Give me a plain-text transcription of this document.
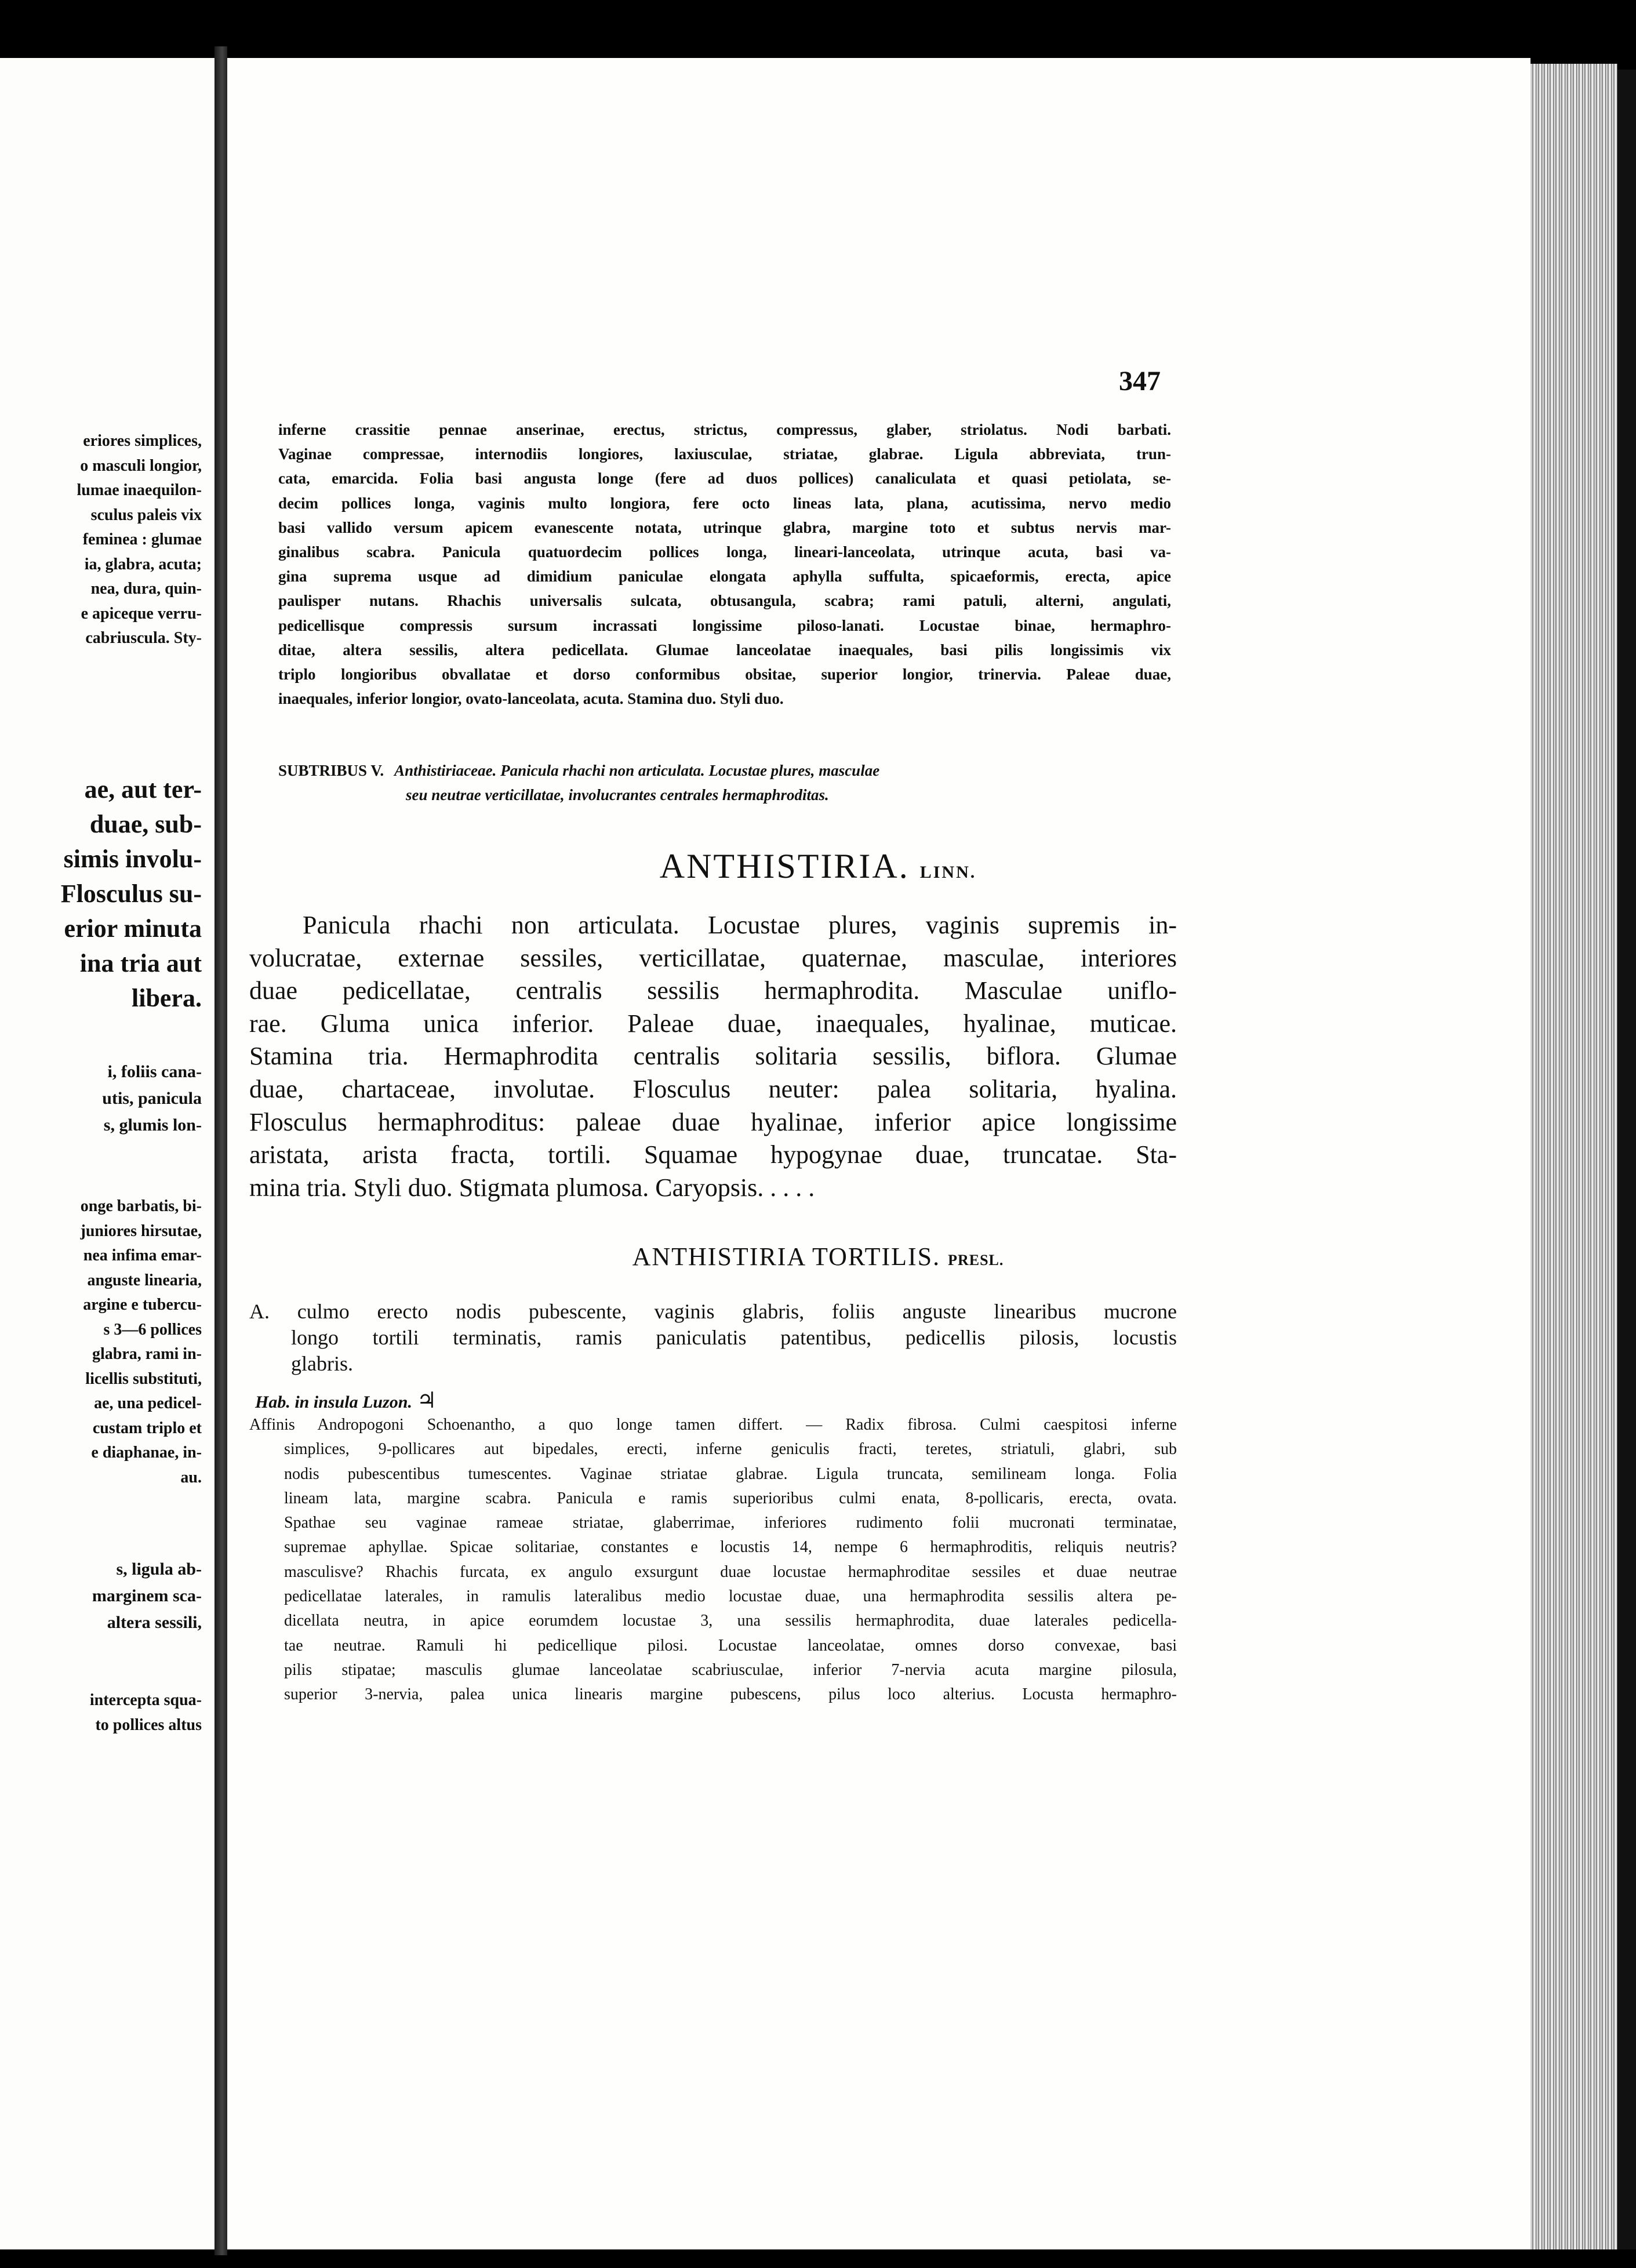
eriores simplices,
o masculi longior,
lumae inaequilon-
sculus paleis vix
femineа : glumae
ia, glabra, acuta;
nea, dura, quin-
e apiceque verru-
cabriuscula. Sty-
ae, aut ter-
duae, sub-
simis involu-
Flosculus su-
erior minuta
ina tria aut
libera.
i, foliis cana-
utis, panicula
s, glumis lon-
onge barbatis, bi-
juniores hirsutae,
nea infima emar-
anguste linearia,
argine e tubercu-
s 3—6 pollices
glabra, rami in-
licellis substituti,
ae, una pedicel-
custam triplo et
e diaphanae, in-
au.
s, ligula ab-
marginem sca-
altera sessili,
intercepta squa-
to pollices altus
347
inferne crassitie pennae anserinae, erectus, strictus, compressus, glaber, striolatus. Nodi barbati.
Vaginae compressae, internodiis longiores, laxiusculae, striatae, glabrae. Ligula abbreviata, trun-
cata, emarcida. Folia basi angusta longe (fere ad duos pollices) canaliculata et quasi petiolata, se-
decim pollices longa, vaginis multo longiora, fere octo lineas lata, plana, acutissima, nervo medio
basi vallido versum apicem evanescente notata, utrinque glabra, margine toto et subtus nervis mar-
ginalibus scabra. Panicula quatuordecim pollices longa, lineari-lanceolata, utrinque acuta, basi va-
gina suprema usque ad dimidium paniculae elongata aphylla suffulta, spicaeformis, erecta, apice
paulisper nutans. Rhachis universalis sulcata, obtusangula, scabra; rami patuli, alterni, angulati,
pedicellisque compressis sursum incrassati longissime piloso-lanati. Locustae binae, hermaphro-
ditae, altera sessilis, altera pedicellata. Glumae lanceolatae inaequales, basi pilis longissimis vix
triplo longioribus obvallatae et dorso conformibus obsitae, superior longior, trinervia. Paleae duae,
inaequales, inferior longior, ovato-lanceolata, acuta. Stamina duo. Styli duo.
SUBTRIBUS V. Anthistiriaceae. Panicula rhachi non articulata. Locustae plures, masculae
seu neutrae verticillatae, involucrantes centrales hermaphroditas.
ANTHISTIRIA. LINN.
Panicula rhachi non articulata. Locustae plures, vaginis supremis in-
volucratae, externae sessiles, verticillatae, quaternae, masculae, interiores
duae pedicellatae, centralis sessilis hermaphrodita. Masculae uniflo-
rae. Gluma unica inferior. Paleae duae, inaequales, hyalinae, muticae.
Stamina tria. Hermaphrodita centralis solitaria sessilis, biflora. Glumae
duae, chartaceae, involutae. Flosculus neuter: palea solitaria, hyalina.
Flosculus hermaphroditus: paleae duae hyalinae, inferior apice longissime
aristata, arista fracta, tortili. Squamae hypogynae duae, truncatae. Sta-
mina tria. Styli duo. Stigmata plumosa. Caryopsis. . . . .
ANTHISTIRIA TORTILIS. PRESL.
A. culmo erecto nodis pubescente, vaginis glabris, foliis anguste linearibus mucrone
longo tortili terminatis, ramis paniculatis patentibus, pedicellis pilosis, locustis
glabris.
Hab. in insula Luzon. ♃
Affinis Andropogoni Schoenantho, a quo longe tamen differt. — Radix fibrosa. Culmi caespitosi inferne
simplices, 9-pollicares aut bipedales, erecti, inferne geniculis fracti, teretes, striatuli, glabri, sub
nodis pubescentibus tumescentes. Vaginae striatae glabrae. Ligula truncata, semilineam longa. Folia
lineam lata, margine scabra. Panicula e ramis superioribus culmi enata, 8-pollicaris, erecta, ovata.
Spathae seu vaginae rameae striatae, glaberrimae, inferiores rudimento folii mucronati terminatae,
supremae aphyllae. Spicae solitariae, constantes e locustis 14, nempe 6 hermaphroditis, reliquis neutris?
masculisve? Rhachis furcata, ex angulo exsurgunt duae locustae hermaphroditae sessiles et duae neutrae
pedicellatae laterales, in ramulis lateralibus medio locustae duae, una hermaphrodita sessilis altera pe-
dicellata neutra, in apice eorumdem locustae 3, una sessilis hermaphrodita, duae laterales pedicella-
tae neutrae. Ramuli hi pedicellique pilosi. Locustae lanceolatae, omnes dorso convexae, basi
pilis stipatae; masculis glumae lanceolatae scabriusculae, inferior 7-nervia acuta margine pilosula,
superior 3-nervia, palea unica linearis margine pubescens, pilus loco alterius. Locusta hermaphro-
